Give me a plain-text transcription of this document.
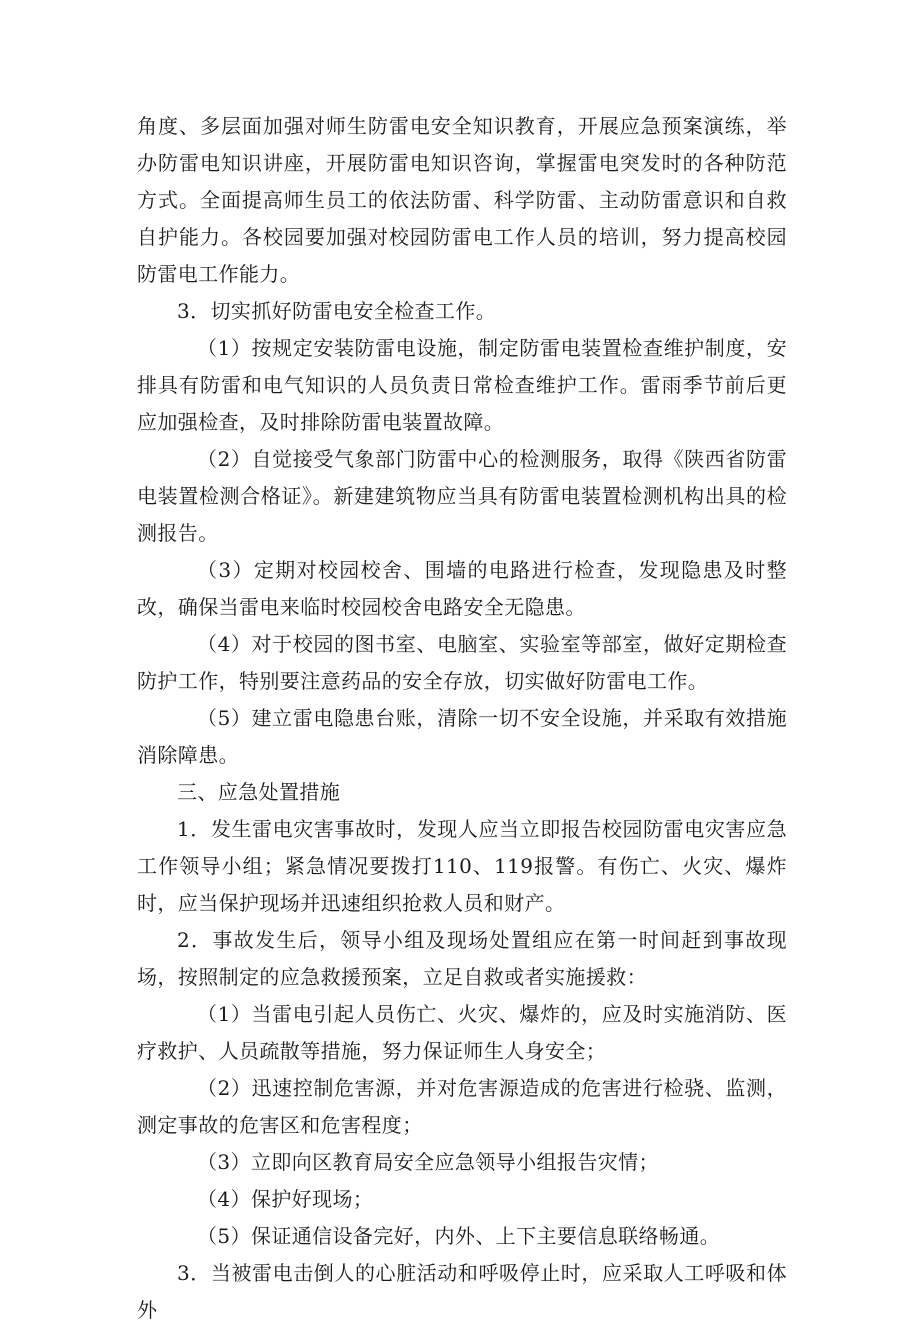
角度、多层面加强对师生防雷电安全知识教育，开展应急预案演练，举办防雷电知识讲座，开展防雷电知识咨询，掌握雷电突发时的各种防范方式。全面提高师生员工的依法防雷、科学防雷、主动防雷意识和自救自护能力。各校园要加强对校园防雷电工作人员的培训，努力提高校园防雷电工作能力。

3．切实抓好防雷电安全检查工作。

（1）按规定安装防雷电设施，制定防雷电装置检查维护制度，安排具有防雷和电气知识的人员负责日常检查维护工作。雷雨季节前后更应加强检查，及时排除防雷电装置故障。

（2）自觉接受气象部门防雷中心的检测服务，取得《陕西省防雷电装置检测合格证》。新建建筑物应当具有防雷电装置检测机构出具的检测报告。

（3）定期对校园校舍、围墙的电路进行检查，发现隐患及时整改，确保当雷电来临时校园校舍电路安全无隐患。

（4）对于校园的图书室、电脑室、实验室等部室，做好定期检查防护工作，特别要注意药品的安全存放，切实做好防雷电工作。

（5）建立雷电隐患台账，清除一切不安全设施，并采取有效措施消除障患。

三、应急处置措施

1．发生雷电灾害事故时，发现人应当立即报告校园防雷电灾害应急工作领导小组；紧急情况要拨打110、119报警。有伤亡、火灾、爆炸时，应当保护现场并迅速组织抢救人员和财产。

2．事故发生后，领导小组及现场处置组应在第一时间赶到事故现场，按照制定的应急救援预案，立足自救或者实施援救：

（1）当雷电引起人员伤亡、火灾、爆炸的，应及时实施消防、医疗救护、人员疏散等措施，努力保证师生人身安全；

（2）迅速控制危害源，并对危害源造成的危害进行检骁、监测，测定事故的危害区和危害程度；

（3）立即向区教育局安全应急领导小组报告灾情；

（4）保护好现场；

（5）保证通信设备完好，内外、上下主要信息联络畅通。

3．当被雷电击倒人的心脏活动和呼吸停止时，应采取人工呼吸和体外
